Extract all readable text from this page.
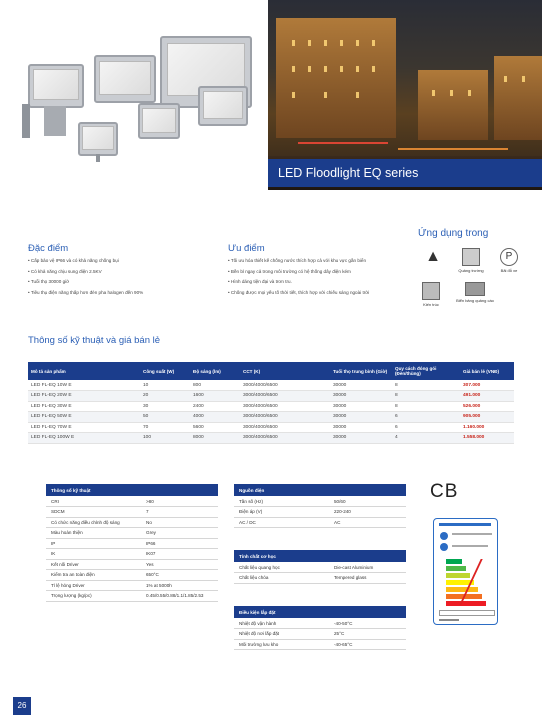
LED Floodlight EQ series
Đặc điểm
• Cấp bảo vệ IP66 và có khả năng chống bụi
• Có khả năng chịu sung điện 2.5KV
• Tuổi thọ 30000 giờ
• Tiêu thụ điện năng thấp hơn đèn pha halogen đến 90%
Ưu điểm
• Tối ưu hóa thiết kế chống nước thích hợp cả với khu vực gần biển
• Bền bỉ ngay cả trong môi trường có hệ thống dây điện kém
• Hình dáng tiện đại và trơn tru.
• Chống được mọi yếu tố thời tiết, thích hợp với chiếu sáng ngoài trời
Ứng dụng trong
▲
Quảng trường
P
Bãi đỗ xe
Kiến trúc
Biển bảng quảng cáo
Thông số kỹ thuật và giá bán lẻ
Mô tả sản phẩm	Công suất (W)	Độ sáng (lm)	CCT (K)	Tuổi thọ trung bình (Giờ)	Quy cách đóng gói (Đèn/thùng)	Giá bán lẻ (VNĐ)
LED FL-EQ 10W E	10	800	3000/4000/6500	30000	8	307.000
LED FL-EQ 20W E	20	1600	3000/4000/6500	30000	8	491.000
LED FL-EQ 30W E	30	2400	3000/4000/6500	30000	8	526.000
LED FL-EQ 50W E	50	4000	3000/4000/6500	30000	6	905.000
LED FL-EQ 70W E	70	5600	3000/4000/6500	30000	6	1.160.000
LED FL-EQ 100W E	100	8000	3000/4000/6500	30000	4	1.558.000
Thông số kỹ thuật	
CRI	>80
SDCM	7
Có chức năng điều chỉnh độ sáng	No
Màu hoàn thiện	Grey
IP	IP66
IK	IK07
Kết nối Driver	Yes
Kiểm tra an toàn điện	650°C
Tỉ lệ hỏng Driver	1% at 5000h
Trọng lượng (kg/pc)	0.45/0.55/0.88/1.1/1.85/2.53
Nguồn điện	
Tần số (Hz)	50/60
Điện áp (V)	220-240
AC / DC	AC
Tính chất cơ học	
Chất liệu quang học	Die-cast Aluminium
Chất liệu chóa	Tempered glass
Điều kiện lắp đặt	
Nhiệt độ vận hành	-40-50°C
Nhiệt độ nơi lắp đặt	25°C
Môi trường lưu kho	-40-65°C
CB
26
